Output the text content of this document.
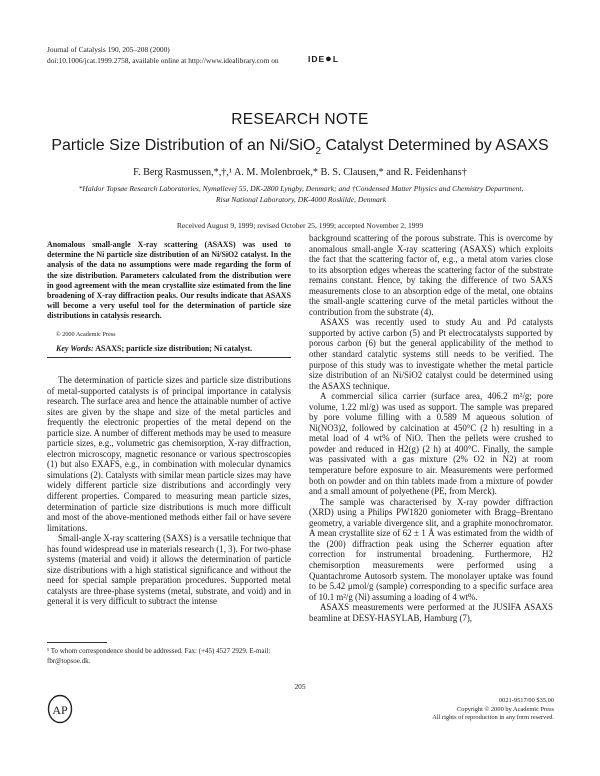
Journal of Catalysis 190, 205–208 (2000)
doi:10.1006/jcat.1999.2758, available online at http://www.idealibrary.com on	IDE●L
RESEARCH NOTE
Particle Size Distribution of an Ni/SiO$_2$ Catalyst Determined by ASAXS
F. Berg Rasmussen,*,†,¹ A. M. Molenbroek,* B. S. Clausen,* and R. Feidenhans†
*Haldor Topsøe Research Laboratories, Nymøllevej 55, DK-2800 Lyngby, Denmark; and †Condensed Matter Physics and Chemistry Department,
Risø National Laboratory, DK-4000 Roskilde, Denmark
Received August 9, 1999; revised October 25, 1999; accepted November 2, 1999
Anomalous small-angle X-ray scattering (ASAXS) was used to determine the Ni particle size distribution of an Ni/SiO2 catalyst. In the analysis of the data no assumptions were made regarding the form of the size distribution. Parameters calculated from the distribution were in good agreement with the mean crystallite size estimated from the line broadening of X-ray diffraction peaks. Our results indicate that ASAXS will become a very useful tool for the determination of particle size distributions in catalysis research.
© 2000 Academic Press
Key Words: ASAXS; particle size distribution; Ni catalyst.

The determination of particle sizes and particle size distributions of metal-supported catalysts is of principal importance in catalysis research. The surface area and hence the attainable number of active sites are given by the shape and size of the metal particles and frequently the electronic properties of the metal depend on the particle size. A number of different methods may be used to measure particle sizes, e.g., volumetric gas chemisorption, X-ray diffraction, electron microscopy, magnetic resonance or various spectroscopies (1) but also EXAFS, e.g., in combination with molecular dynamics simulations (2). Catalysts with similar mean particle sizes may have widely different particle size distributions and accordingly very different properties. Compared to measuring mean particle sizes, determination of particle size distributions is much more difficult and most of the above-mentioned methods either fail or have severe limitations.

Small-angle X-ray scattering (SAXS) is a versatile technique that has found widespread use in materials research (1, 3). For two-phase systems (material and void) it allows the determination of particle size distributions with a high statistical significance and without the need for special sample preparation procedures. Supported metal catalysts are three-phase systems (metal, substrate, and void) and in general it is very difficult to subtract the intense

¹ To whom correspondence should be addressed. Fax: (+45) 4527 2929. E-mail: fbr@topsoe.dk.

background scattering of the porous substrate. This is overcome by anomalous small-angle X-ray scattering (ASAXS) which exploits the fact that the scattering factor of, e.g., a metal atom varies close to its absorption edges whereas the scattering factor of the substrate remains constant. Hence, by taking the difference of two SAXS measurements close to an absorption edge of the metal, one obtains the small-angle scattering curve of the metal particles without the contribution from the substrate (4).

ASAXS was recently used to study Au and Pd catalysts supported by active carbon (5) and Pt electrocatalysts supported by porous carbon (6) but the general applicability of the method to other standard catalytic systems still needs to be verified. The purpose of this study was to investigate whether the metal particle size distribution of an Ni/SiO2 catalyst could be determined using the ASAXS technique.

A commercial silica carrier (surface area, 406.2 m²/g; pore volume, 1.22 ml/g) was used as support. The sample was prepared by pore volume filling with a 0.589 M aqueous solution of Ni(NO3)2, followed by calcination at 450°C (2 h) resulting in a metal load of 4 wt% of NiO. Then the pellets were crushed to powder and reduced in H2(g) (2 h) at 400°C. Finally, the sample was passivated with a gas mixture (2% O2 in N2) at room temperature before exposure to air. Measurements were performed both on powder and on thin tablets made from a mixture of powder and a small amount of polyethene (PE, from Merck).

The sample was characterised by X-ray powder diffraction (XRD) using a Philips PW1820 goniometer with Bragg–Brentano geometry, a variable divergence slit, and a graphite monochromator. A mean crystallite size of 62 ± 1 Å was estimated from the width of the (200) diffraction peak using the Scherrer equation after correction for instrumental broadening. Furthermore, H2 chemisorption measurements were performed using a Quantachrome Autosorb system. The monolayer uptake was found to be 5.42 μmol/g (sample) corresponding to a specific surface area of 10.1 m²/g (Ni) assuming a loading of 4 wt%.

ASAXS measurements were performed at the JUSIFA ASAXS beamline at DESY-HASYLAB, Hamburg (7),

205
AP
0021-9517/00 $35.00
Copyright © 2000 by Academic Press
All rights of reproduction in any form reserved.
